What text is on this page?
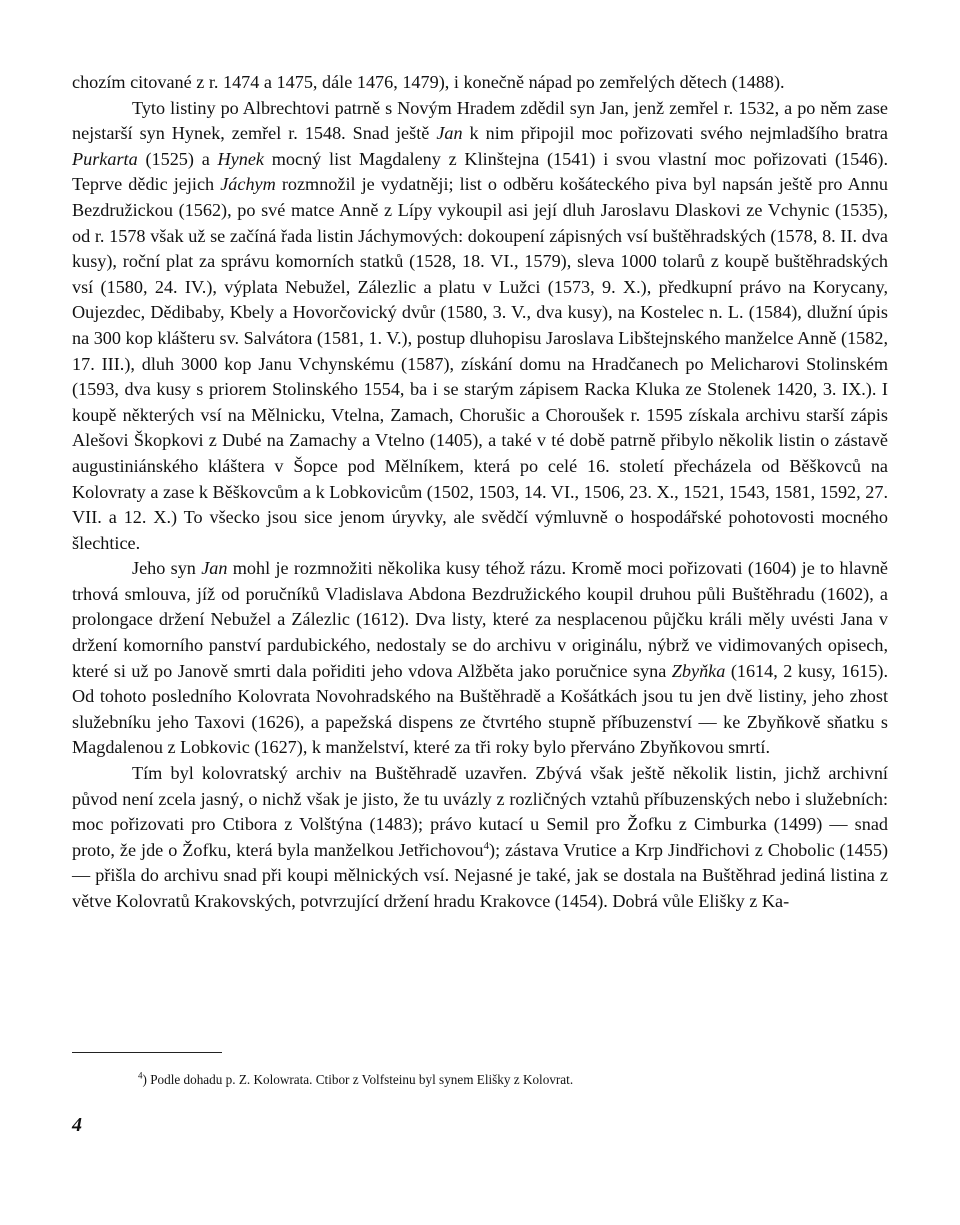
chozím citované z r. 1474 a 1475, dále 1476, 1479), i konečně nápad po zemřelých dětech (1488).

Tyto listiny po Albrechtovi patrně s Novým Hradem zdědil syn Jan, jenž zemřel r. 1532, a po něm zase nejstarší syn Hynek, zemřel r. 1548. Snad ještě Jan k nim připojil moc pořizovati svého nejmladšího bratra Purkarta (1525) a Hynek mocný list Magdaleny z Klinštejna (1541) i svou vlastní moc pořizovati (1546). Teprve dědic jejich Jáchym rozmnožil je vydatněji; list o odběru košáteckého piva byl napsán ještě pro Annu Bezdružickou (1562), po své matce Anně z Lípy vykoupil asi její dluh Jaroslavu Dlaskovi ze Vchynic (1535), od r. 1578 však už se začíná řada listin Jáchymových: dokoupení zápisných vsí buštěhradských (1578, 8. II. dva kusy), roční plat za správu komorních statků (1528, 18. VI., 1579), sleva 1000 tolarů z koupě buštěhradských vsí (1580, 24. IV.), výplata Nebužel, Zálezlic a platu v Lužci (1573, 9. X.), předkupní právo na Korycany, Oujezdec, Dědibaby, Kbely a Hovorčovický dvůr (1580, 3. V., dva kusy), na Kostelec n. L. (1584), dlužní úpis na 300 kop klášteru sv. Salvátora (1581, 1. V.), postup dluhopisu Jaroslava Libštejnského manželce Anně (1582, 17. III.), dluh 3000 kop Janu Vchynskému (1587), získání domu na Hradčanech po Melicharovi Stolinském (1593, dva kusy s priorem Stolinského 1554, ba i se starým zápisem Racka Kluka ze Stolenek 1420, 3. IX.). I koupě některých vsí na Mělnicku, Vtelna, Zamach, Chorušic a Choroušek r. 1595 získala archivu starší zápis Alešovi Škopkovi z Dubé na Zamachy a Vtelno (1405), a také v té době patrně přibylo několik listin o zástavě augustiniánského kláštera v Šopce pod Mělníkem, která po celé 16. století přecházela od Běškovců na Kolovraty a zase k Běškovcům a k Lobkovicům (1502, 1503, 14. VI., 1506, 23. X., 1521, 1543, 1581, 1592, 27. VII. a 12. X.) To všecko jsou sice jenom úryvky, ale svědčí výmluvně o hospodářské pohotovosti mocného šlechtice.

Jeho syn Jan mohl je rozmnožiti několika kusy téhož rázu. Kromě moci pořizovati (1604) je to hlavně trhová smlouva, jíž od poručníků Vladislava Abdona Bezdružického koupil druhou půli Buštěhradu (1602), a prolongace držení Nebužel a Zálezlic (1612). Dva listy, které za nesplacenou půjčku králi měly uvésti Jana v držení komorního panství pardubického, nedostaly se do archivu v originálu, nýbrž ve vidimovaných opisech, které si už po Janově smrti dala pořiditi jeho vdova Alžběta jako poručnice syna Zbyňka (1614, 2 kusy, 1615). Od tohoto posledního Kolovrata Novohradského na Buštěhradě a Košátkách jsou tu jen dvě listiny, jeho zhost služebníku jeho Taxovi (1626), a papežská dispens ze čtvrtého stupně příbuzenství — ke Zbyňkově sňatku s Magdalenou z Lobkovic (1627), k manželství, které za tři roky bylo přerváno Zbyňkovou smrtí.

Tím byl kolovratský archiv na Buštěhradě uzavřen. Zbývá však ještě několik listin, jichž archivní původ není zcela jasný, o nichž však je jisto, že tu uvázly z rozličných vztahů příbuzenských nebo i služebních: moc pořizovati pro Ctibora z Volštýna (1483); právo kutací u Semil pro Žofku z Cimburka (1499) — snad proto, že jde o Žofku, která byla manželkou Jetřichovou$^4$); zástava Vrutice a Krp Jindřichovi z Chobolic (1455) — přišla do archivu snad při koupi mělnických vsí. Nejasné je také, jak se dostala na Buštěhrad jediná listina z větve Kolovratů Krakovských, potvrzující držení hradu Krakovce (1454). Dobrá vůle Elišky z Ka-

$^4$) Podle dohadu p. Z. Kolowrata. Ctibor z Volfsteinu byl synem Elišky z Kolovrat.
4
